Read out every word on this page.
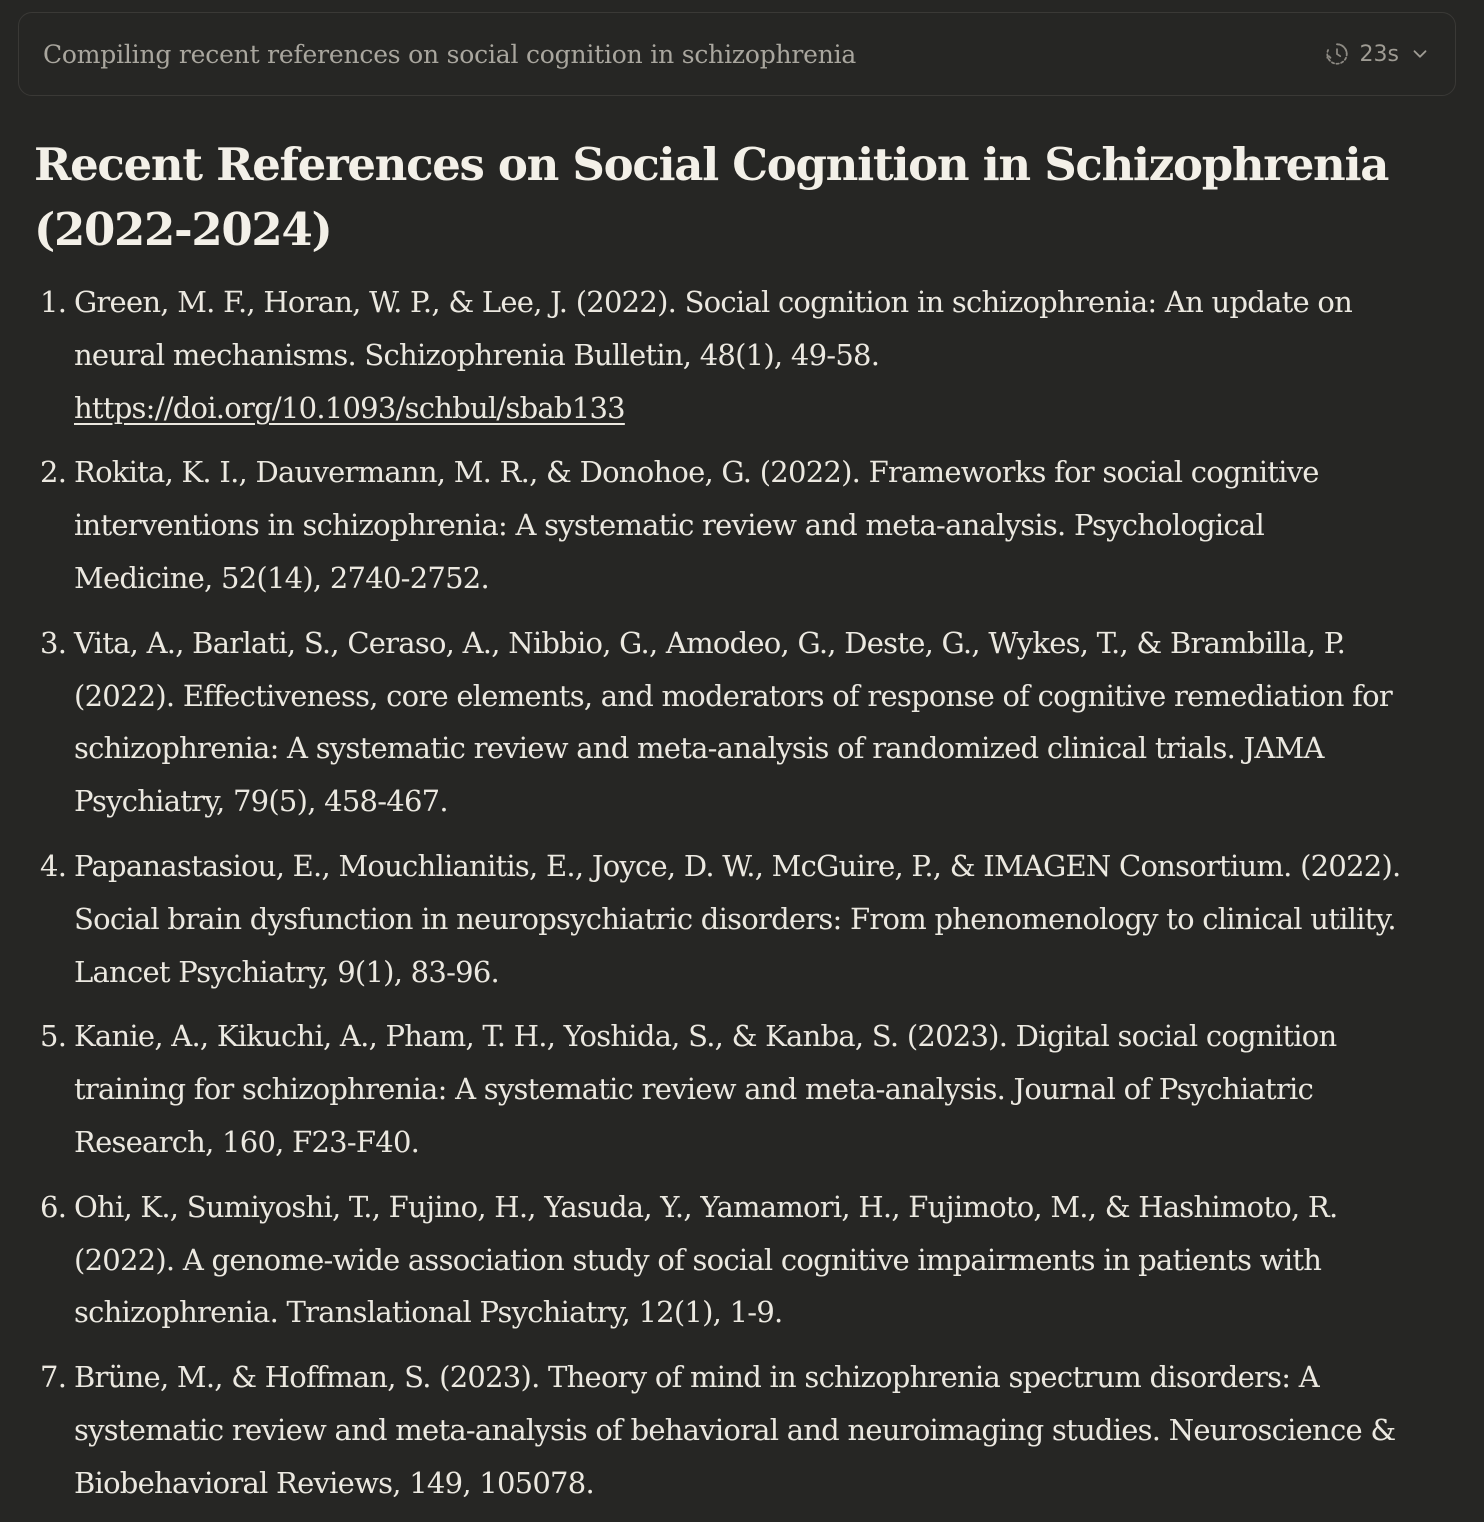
Compiling recent references on social cognition in schizophrenia	23s
Recent References on Social Cognition in Schizophrenia (2022-2024)
1. Green, M. F., Horan, W. P., & Lee, J. (2022). Social cognition in schizophrenia: An update on neural mechanisms. Schizophrenia Bulletin, 48(1), 49-58. https://doi.org/10.1093/schbul/sbab133
2. Rokita, K. I., Dauvermann, M. R., & Donohoe, G. (2022). Frameworks for social cognitive interventions in schizophrenia: A systematic review and meta-analysis. Psychological Medicine, 52(14), 2740-2752.
3. Vita, A., Barlati, S., Ceraso, A., Nibbio, G., Amodeo, G., Deste, G., Wykes, T., & Brambilla, P. (2022). Effectiveness, core elements, and moderators of response of cognitive remediation for schizophrenia: A systematic review and meta-analysis of randomized clinical trials. JAMA Psychiatry, 79(5), 458-467.
4. Papanastasiou, E., Mouchlianitis, E., Joyce, D. W., McGuire, P., & IMAGEN Consortium. (2022). Social brain dysfunction in neuropsychiatric disorders: From phenomenology to clinical utility. Lancet Psychiatry, 9(1), 83-96.
5. Kanie, A., Kikuchi, A., Pham, T. H., Yoshida, S., & Kanba, S. (2023). Digital social cognition training for schizophrenia: A systematic review and meta-analysis. Journal of Psychiatric Research, 160, F23-F40.
6. Ohi, K., Sumiyoshi, T., Fujino, H., Yasuda, Y., Yamamori, H., Fujimoto, M., & Hashimoto, R. (2022). A genome-wide association study of social cognitive impairments in patients with schizophrenia. Translational Psychiatry, 12(1), 1-9.
7. Brüne, M., & Hoffman, S. (2023). Theory of mind in schizophrenia spectrum disorders: A systematic review and meta-analysis of behavioral and neuroimaging studies. Neuroscience & Biobehavioral Reviews, 149, 105078.
